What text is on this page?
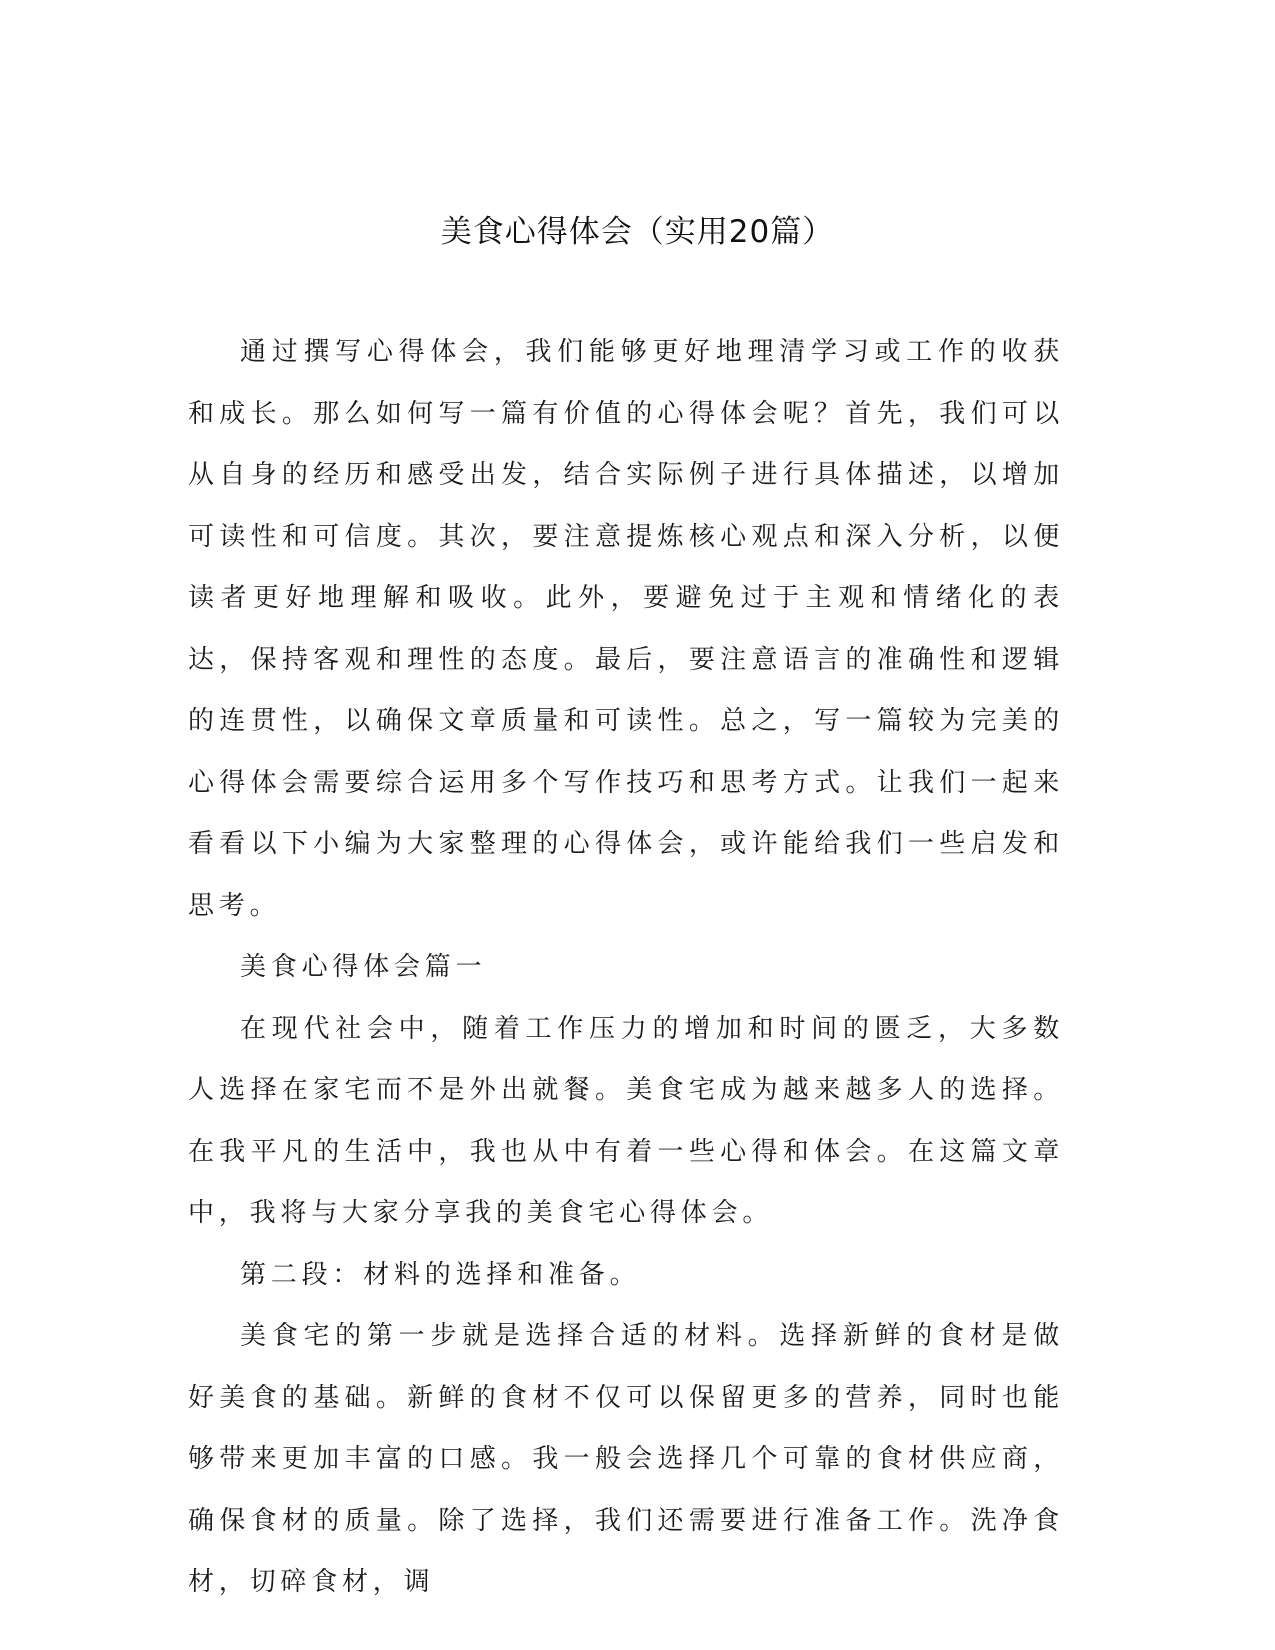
美食心得体会（实用20篇）

通过撰写心得体会，我们能够更好地理清学习或工作的收获和成长。那么如何写一篇有价值的心得体会呢？首先，我们可以从自身的经历和感受出发，结合实际例子进行具体描述，以增加可读性和可信度。其次，要注意提炼核心观点和深入分析，以便读者更好地理解和吸收。此外，要避免过于主观和情绪化的表达，保持客观和理性的态度。最后，要注意语言的准确性和逻辑的连贯性，以确保文章质量和可读性。总之，写一篇较为完美的心得体会需要综合运用多个写作技巧和思考方式。让我们一起来看看以下小编为大家整理的心得体会，或许能给我们一些启发和思考。

美食心得体会篇一

在现代社会中，随着工作压力的增加和时间的匮乏，大多数人选择在家宅而不是外出就餐。美食宅成为越来越多人的选择。在我平凡的生活中，我也从中有着一些心得和体会。在这篇文章中，我将与大家分享我的美食宅心得体会。

第二段：材料的选择和准备。

美食宅的第一步就是选择合适的材料。选择新鲜的食材是做好美食的基础。新鲜的食材不仅可以保留更多的营养，同时也能够带来更加丰富的口感。我一般会选择几个可靠的食材供应商，确保食材的质量。除了选择，我们还需要进行准备工作。洗净食材，切碎食材，调
